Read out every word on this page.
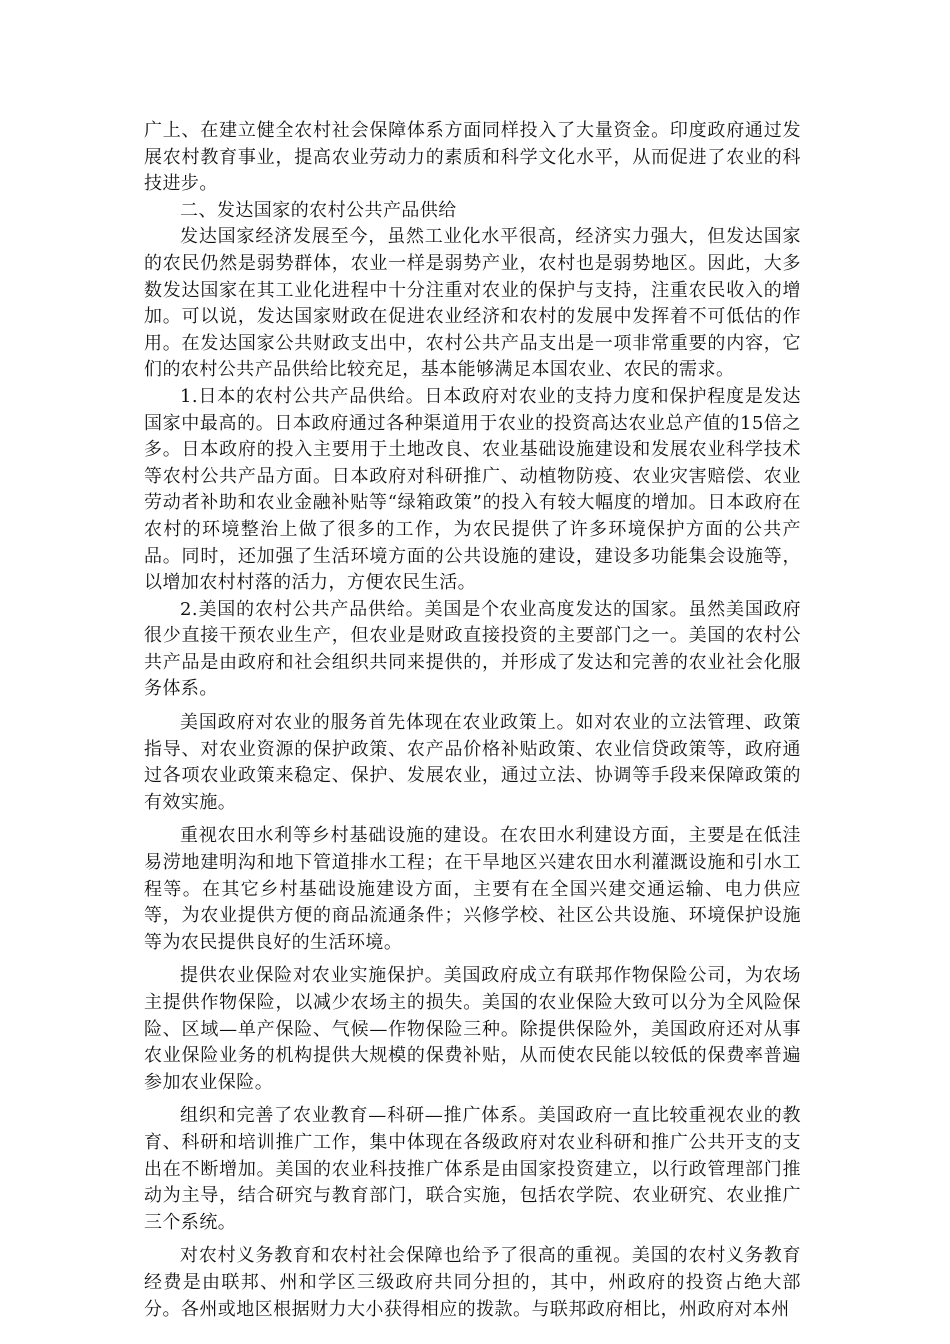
广上、在建立健全农村社会保障体系方面同样投入了大量资金。印度政府通过发展农村教育事业，提高农业劳动力的素质和科学文化水平，从而促进了农业的科技进步。

二、发达国家的农村公共产品供给

发达国家经济发展至今，虽然工业化水平很高，经济实力强大，但发达国家的农民仍然是弱势群体，农业一样是弱势产业，农村也是弱势地区。因此，大多数发达国家在其工业化进程中十分注重对农业的保护与支持，注重农民收入的增加。可以说，发达国家财政在促进农业经济和农村的发展中发挥着不可低估的作用。在发达国家公共财政支出中，农村公共产品支出是一项非常重要的内容，它们的农村公共产品供给比较充足，基本能够满足本国农业、农民的需求。

1.日本的农村公共产品供给。日本政府对农业的支持力度和保护程度是发达国家中最高的。日本政府通过各种渠道用于农业的投资高达农业总产值的15倍之多。日本政府的投入主要用于土地改良、农业基础设施建设和发展农业科学技术等农村公共产品方面。日本政府对科研推广、动植物防疫、农业灾害赔偿、农业劳动者补助和农业金融补贴等“绿箱政策”的投入有较大幅度的增加。日本政府在农村的环境整治上做了很多的工作，为农民提供了许多环境保护方面的公共产品。同时，还加强了生活环境方面的公共设施的建设，建设多功能集会设施等，以增加农村村落的活力，方便农民生活。

2.美国的农村公共产品供给。美国是个农业高度发达的国家。虽然美国政府很少直接干预农业生产，但农业是财政直接投资的主要部门之一。美国的农村公共产品是由政府和社会组织共同来提供的，并形成了发达和完善的农业社会化服务体系。

美国政府对农业的服务首先体现在农业政策上。如对农业的立法管理、政策指导、对农业资源的保护政策、农产品价格补贴政策、农业信贷政策等，政府通过各项农业政策来稳定、保护、发展农业，通过立法、协调等手段来保障政策的有效实施。

重视农田水利等乡村基础设施的建设。在农田水利建设方面，主要是在低洼易涝地建明沟和地下管道排水工程；在干旱地区兴建农田水利灌溉设施和引水工程等。在其它乡村基础设施建设方面，主要有在全国兴建交通运输、电力供应等，为农业提供方便的商品流通条件；兴修学校、社区公共设施、环境保护设施等为农民提供良好的生活环境。

提供农业保险对农业实施保护。美国政府成立有联邦作物保险公司，为农场主提供作物保险，以减少农场主的损失。美国的农业保险大致可以分为全风险保险、区域—单产保险、气候—作物保险三种。除提供保险外，美国政府还对从事农业保险业务的机构提供大规模的保费补贴，从而使农民能以较低的保费率普遍参加农业保险。

组织和完善了农业教育—科研—推广体系。美国政府一直比较重视农业的教育、科研和培训推广工作，集中体现在各级政府对农业科研和推广公共开支的支出在不断增加。美国的农业科技推广体系是由国家投资建立，以行政管理部门推动为主导，结合研究与教育部门，联合实施，包括农学院、农业研究、农业推广三个系统。

对农村义务教育和农村社会保障也给予了很高的重视。美国的农村义务教育经费是由联邦、州和学区三级政府共同分担的，其中，州政府的投资占绝大部分。各州或地区根据财力大小获得相应的拨款。与联邦政府相比，州政府对本州
